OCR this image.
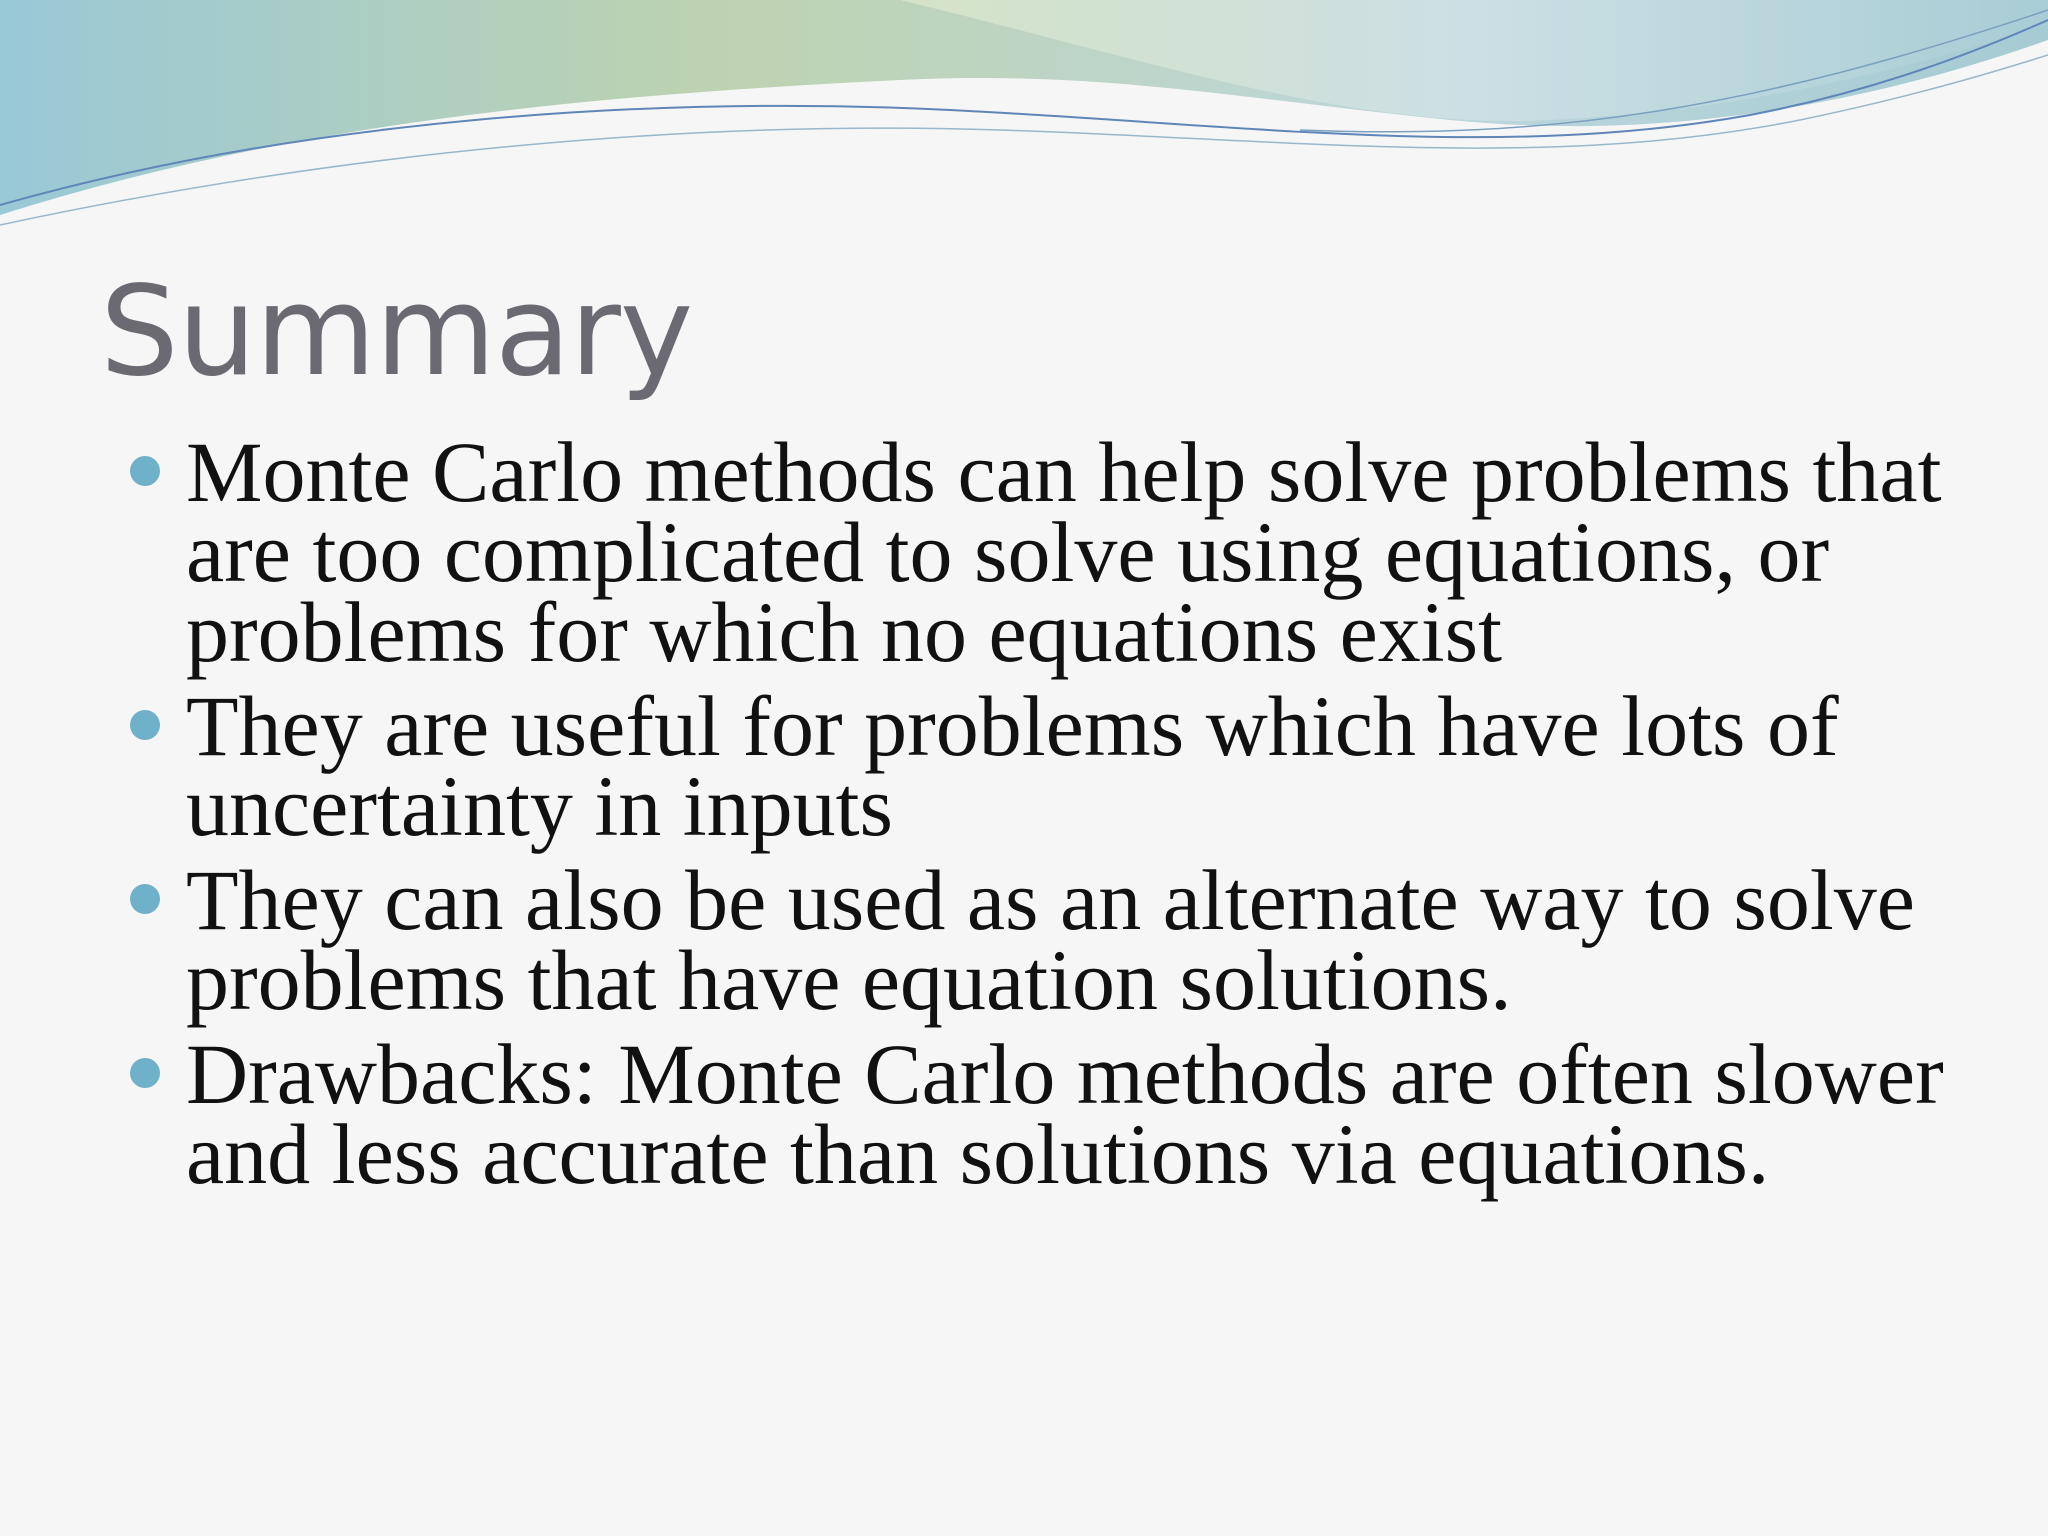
Summary
Monte Carlo methods can help solve problems that are too complicated to solve using equations, or problems for which no equations exist
They are useful for problems which have lots of uncertainty in inputs
They can also be used as an alternate way to solve problems that have equation solutions.
Drawbacks: Monte Carlo methods are often slower and less accurate than solutions via equations.
